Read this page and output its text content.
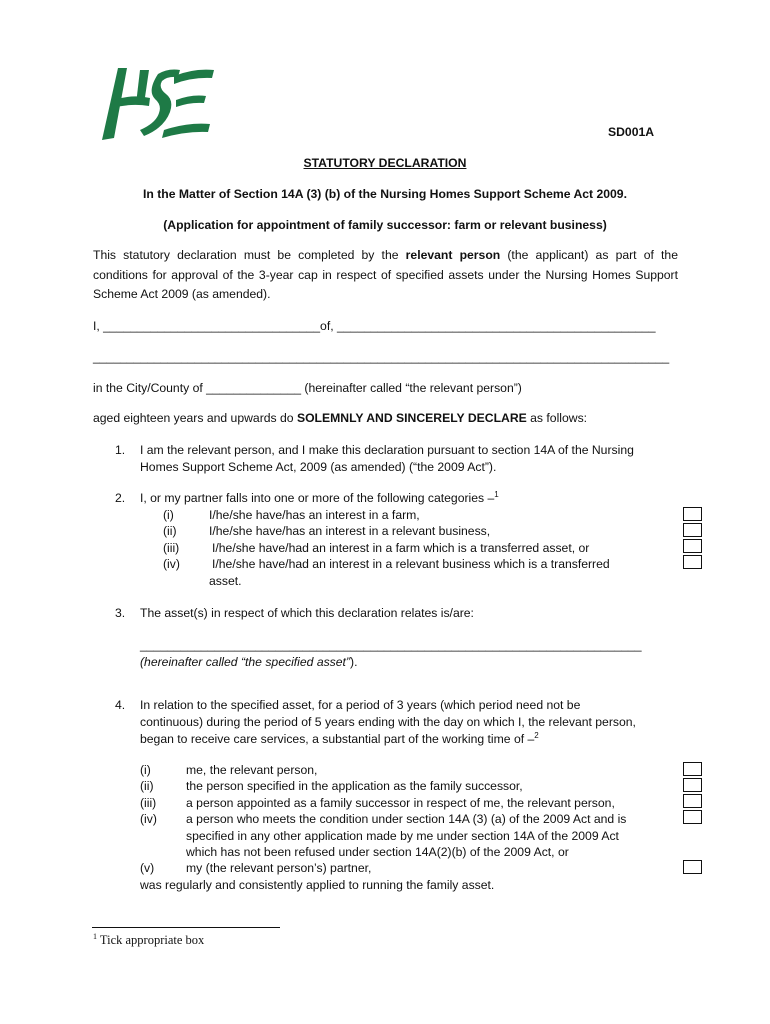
SD001A
STATUTORY DECLARATION
In the Matter of Section 14A (3) (b) of the Nursing Homes Support Scheme Act 2009.
(Application for appointment of family successor: farm or relevant business)
This statutory declaration must be completed by the relevant person (the applicant) as part of the conditions for approval of the 3-year cap in respect of specified assets under the Nursing Homes Support Scheme Act 2009 (as amended).
I, ________________________________of, _______________________________________________
_____________________________________________________________________________________
in the City/County of ______________ (hereinafter called “the relevant person”)
aged eighteen years and upwards do SOLEMNLY AND SINCERELY DECLARE as follows:
1. I am the relevant person, and I make this declaration pursuant to section 14A of the Nursing
Homes Support Scheme Act, 2009 (as amended) (“the 2009 Act”).
2. I, or my partner falls into one or more of the following categories –$^1$
(i)	I/he/she have/has an interest in a farm,
(ii)	I/he/she have/has an interest in a relevant business,
(iii)	I/he/she have/had an interest in a farm which is a transferred asset, or
(iv)	I/he/she have/had an interest in a relevant business which is a transferred
asset.
3. The asset(s) in respect of which this declaration relates is/are:
__________________________________________________________________________
(hereinafter called “the specified asset”).
4. In relation to the specified asset, for a period of 3 years (which period need not be
continuous) during the period of 5 years ending with the day on which I, the relevant person,
began to receive care services, a substantial part of the working time of –$^2$
(i)	me, the relevant person,
(ii)	the person specified in the application as the family successor,
(iii) a person appointed as a family successor in respect of me, the relevant person,
(iv) a person who meets the condition under section 14A (3) (a) of the 2009 Act and is
specified in any other application made by me under section 14A of the 2009 Act
which has not been refused under section 14A(2)(b) of the 2009 Act, or
(v)	my (the relevant person’s) partner,
was regularly and consistently applied to running the family asset.
$^1$ Tick appropriate box
